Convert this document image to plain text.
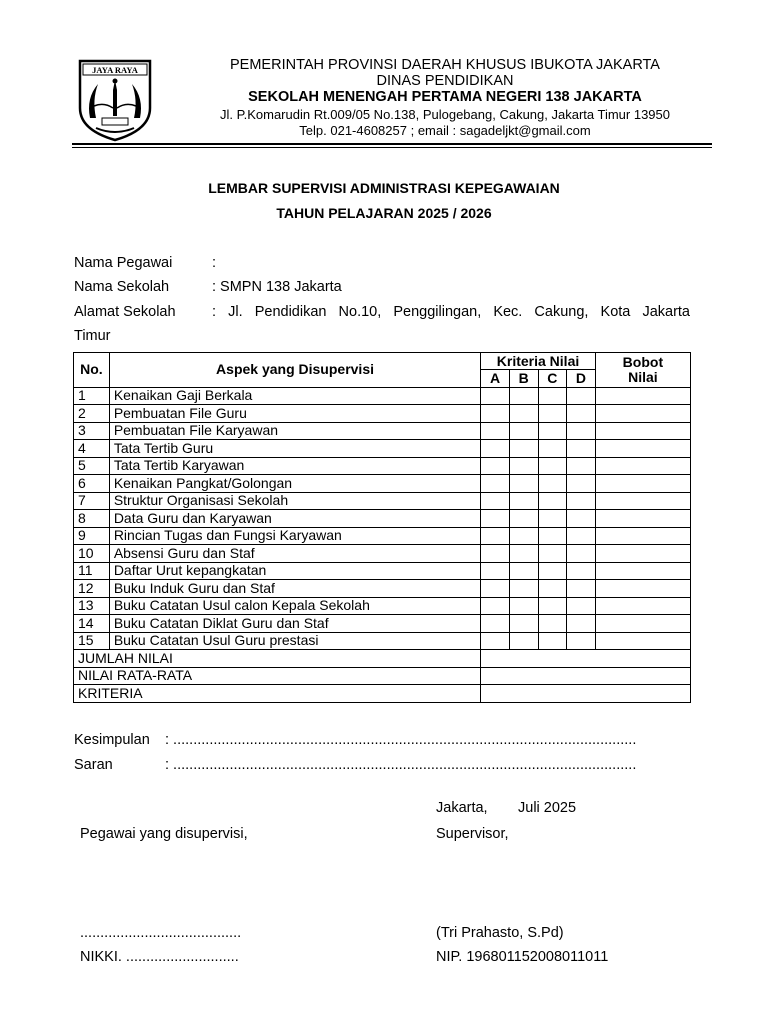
JAYA RAYA	PEMERINTAH PROVINSI DAERAH KHUSUS IBUKOTA JAKARTA
DINAS PENDIDIKAN
SEKOLAH MENENGAH PERTAMA NEGERI 138 JAKARTA
Jl. P.Komarudin Rt.009/05 No.138, Pulogebang, Cakung, Jakarta Timur 13950
Telp. 021-4608257 ; email : sagadeljkt@gmail.com
LEMBAR SUPERVISI ADMINISTRASI KEPEGAWAIAN
TAHUN PELAJARAN 2025 / 2026
Nama Pegawai	:
Nama Sekolah	: SMPN 138 Jakarta
Alamat Sekolah	: Jl. Pendidikan No.10, Penggilingan, Kec. Cakung, Kota Jakarta
Timur
No.	Aspek yang Disupervisi	Kriteria Nilai				Bobot
Nilai

		A	B	C	D	
1	Kenaikan Gaji Berkala					
2	Pembuatan File Guru					
3	Pembuatan File Karyawan					
4	Tata Tertib Guru					
5	Tata Tertib Karyawan					
6	Kenaikan Pangkat/Golongan					
7	Struktur Organisasi Sekolah					
8	Data Guru dan Karyawan					
9	Rincian Tugas dan Fungsi Karyawan					
10	Absensi Guru dan Staf					
11	Daftar Urut kepangkatan					
12	Buku Induk Guru dan Staf					
13	Buku Catatan Usul calon Kepala Sekolah					
14	Buku Catatan Diklat Guru dan Staf					
15	Buku Catatan Usul Guru prestasi					
JUMLAH NILAI						
NILAI RATA-RATA						
KRITERIA						
Kesimpulan : ...................................................................................................................
Saran	: ...................................................................................................................
Jakarta, Juli 2025
Pegawai yang disupervisi,	Supervisor,
........................................	(Tri Prahasto, S.Pd)
NIKKI. ............................	NIP. 196801152008011011
